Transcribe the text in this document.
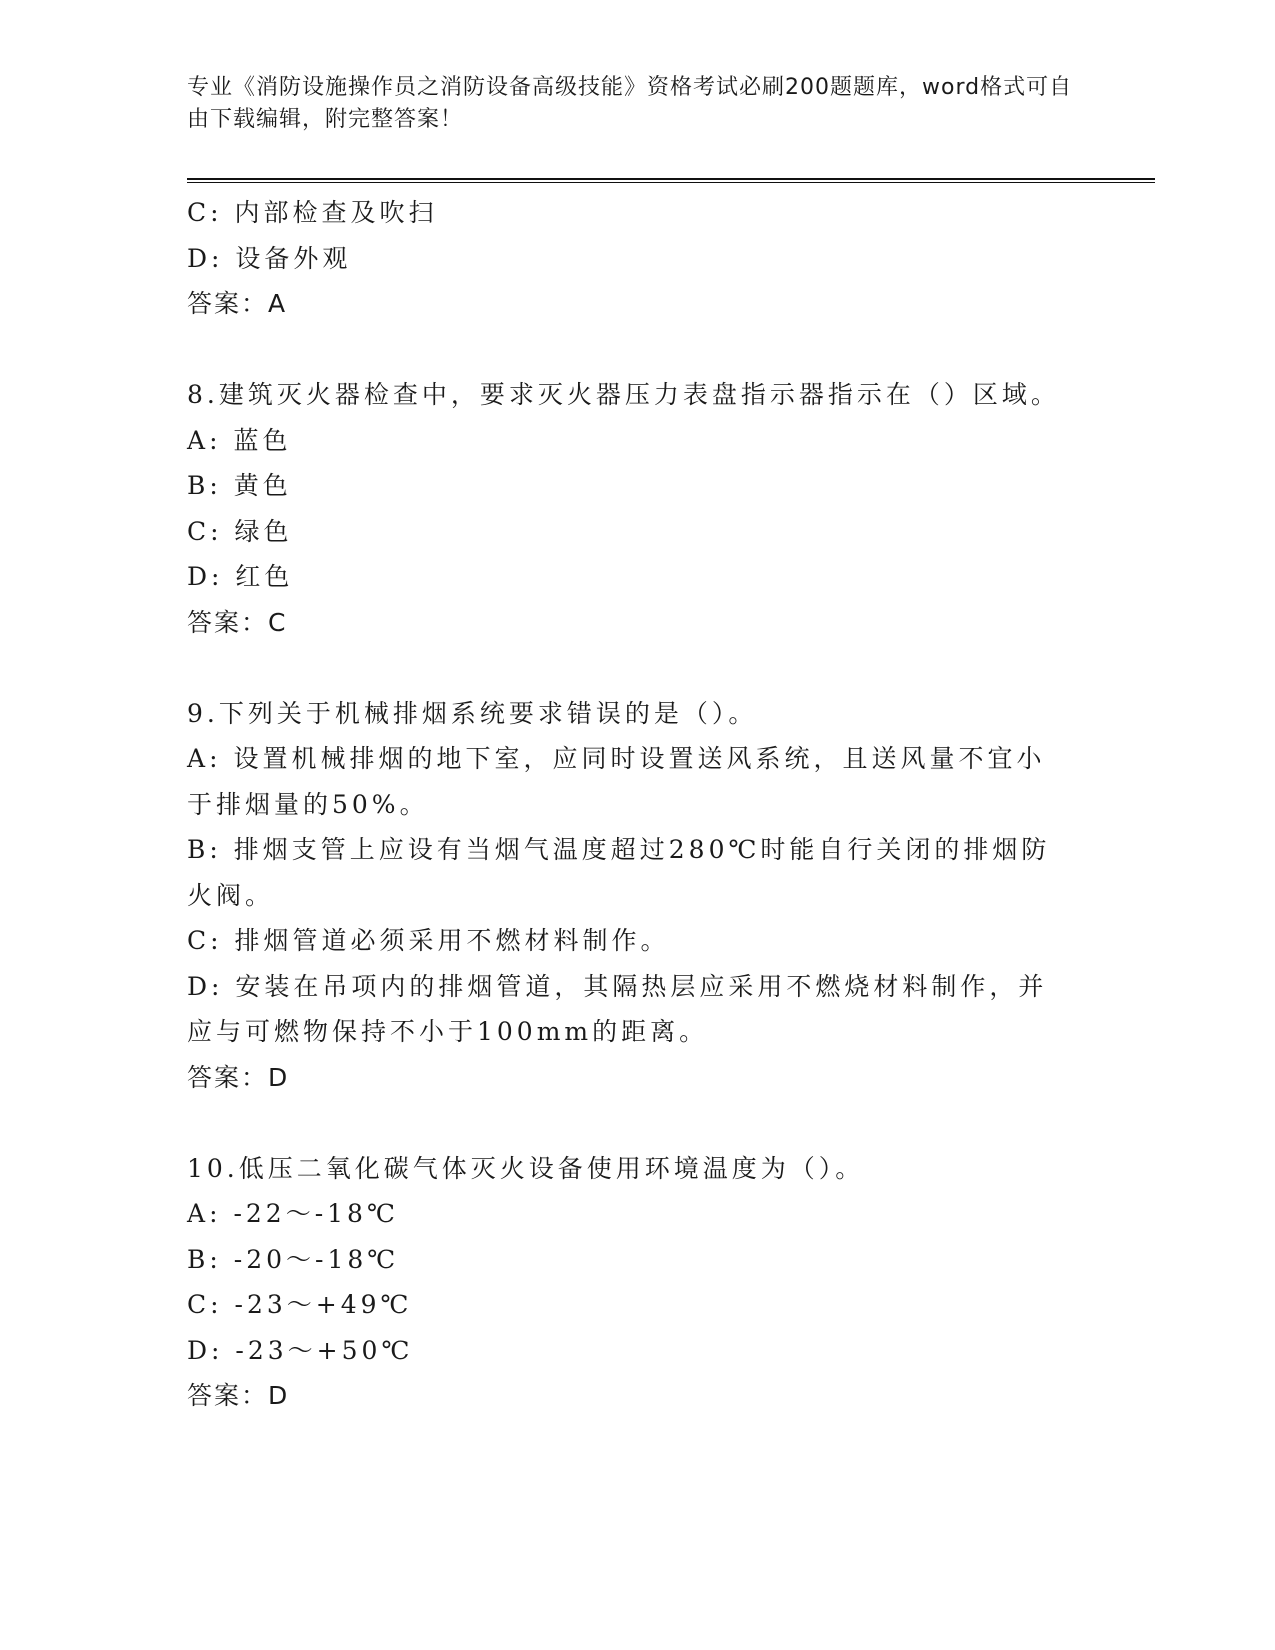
专业《消防设施操作员之消防设备高级技能》资格考试必刷200题题库，word格式可自由下载编辑，附完整答案！
C: 内部检查及吹扫
D: 设备外观
答案：A
8.建筑灭火器检查中，要求灭火器压力表盘指示器指示在（）区域。
A: 蓝色
B: 黄色
C: 绿色
D: 红色
答案：C
9.下列关于机械排烟系统要求错误的是（）。
A: 设置机械排烟的地下室，应同时设置送风系统，且送风量不宜小于排烟量的50%。
B: 排烟支管上应设有当烟气温度超过280℃时能自行关闭的排烟防火阀。
C: 排烟管道必须采用不燃材料制作。
D: 安装在吊项内的排烟管道，其隔热层应采用不燃烧材料制作，并应与可燃物保持不小于100mm的距离。
答案：D
10.低压二氧化碳气体灭火设备使用环境温度为（）。
A: -22～-18℃
B: -20～-18℃
C: -23～+49℃
D: -23～+50℃
答案：D
